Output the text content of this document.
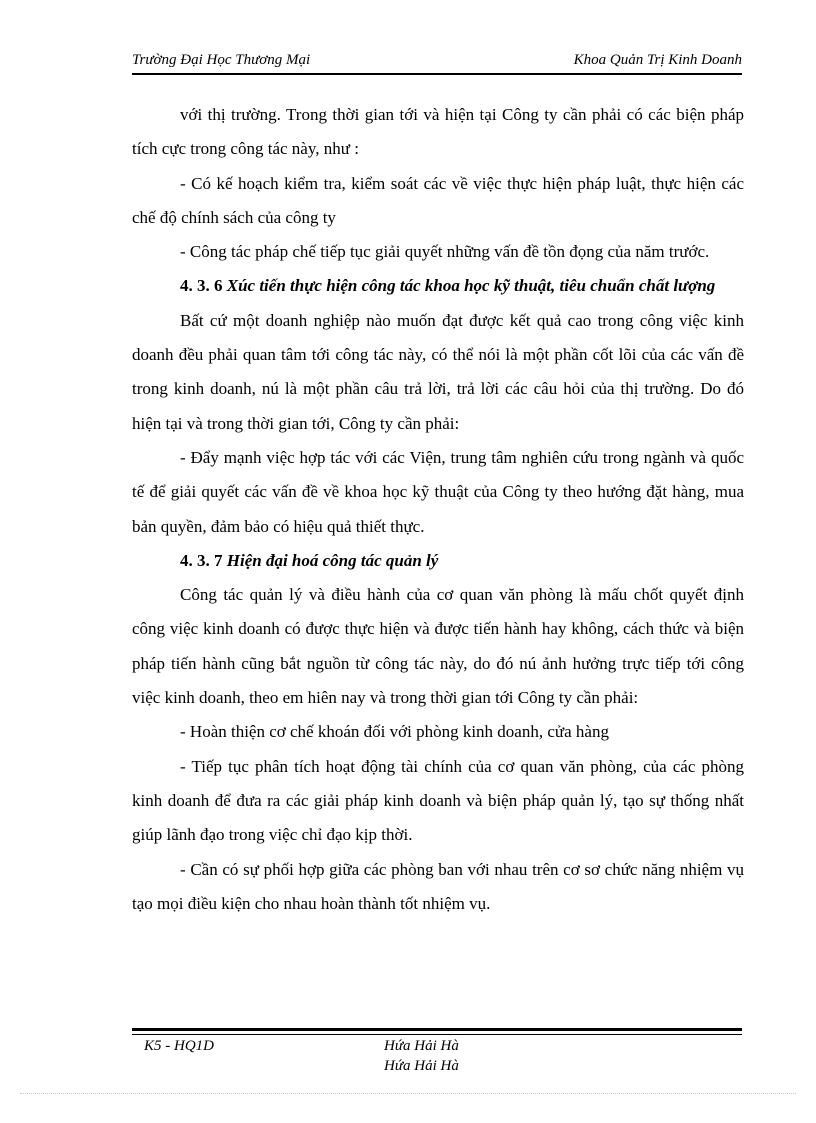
Trường Đại Học Thương Mại	Khoa Quản Trị Kinh Doanh

với thị trường. Trong thời gian tới và hiện tại Công ty cần phải có các biện pháp tích cực trong công tác này, như :

- Có kế hoạch kiểm tra, kiểm soát các về việc thực hiện pháp luật, thực hiện các chế độ chính sách của công ty

- Công tác pháp chế tiếp tục giải quyết những vấn đề tồn đọng của năm trước.

4. 3. 6 Xúc tiến thực hiện công tác khoa học kỹ thuật, tiêu chuẩn chất lượng

Bất cứ một doanh nghiệp nào muốn đạt được kết quả cao trong công việc kinh doanh đều phải quan tâm tới công tác này, có thể nói là một phần cốt lõi của các vấn đề trong kinh doanh, nú là một phần câu trả lời, trả lời các câu hỏi của thị trường. Do đó hiện tại và trong thời gian tới, Công ty cần phải:

- Đẩy mạnh việc hợp tác với các Viện, trung tâm nghiên cứu trong ngành và quốc tế để giải quyết các vấn đề về khoa học kỹ thuật của Công ty theo hướng đặt hàng, mua bản quyền, đảm bảo có hiệu quả thiết thực.

4. 3. 7 Hiện đại hoá công tác quản lý

Công tác quản lý và điều hành của cơ quan văn phòng là mấu chốt quyết định công việc kinh doanh có được thực hiện và được tiến hành hay không, cách thức và biện pháp tiến hành cũng bắt nguồn từ công tác này, do đó nú ảnh hưởng trực tiếp tới công việc kinh doanh, theo em hiên nay và trong thời gian tới Công ty cần phải:

- Hoàn thiện cơ chế khoán đối với phòng kinh doanh, cửa hàng

- Tiếp tục phân tích hoạt động tài chính của cơ quan văn phòng, của các phòng kinh doanh để đưa ra các giải pháp kinh doanh và biện pháp quản lý, tạo sự thống nhất giúp lãnh đạo trong việc chỉ đạo kịp thời.

- Cần có sự phối hợp giữa các phòng ban với nhau trên cơ sơ chức năng nhiệm vụ tạo mọi điều kiện cho nhau hoàn thành tốt nhiệm vụ.

K5 - HQ1D	Hứa Hải Hà
Hứa Hải Hà
